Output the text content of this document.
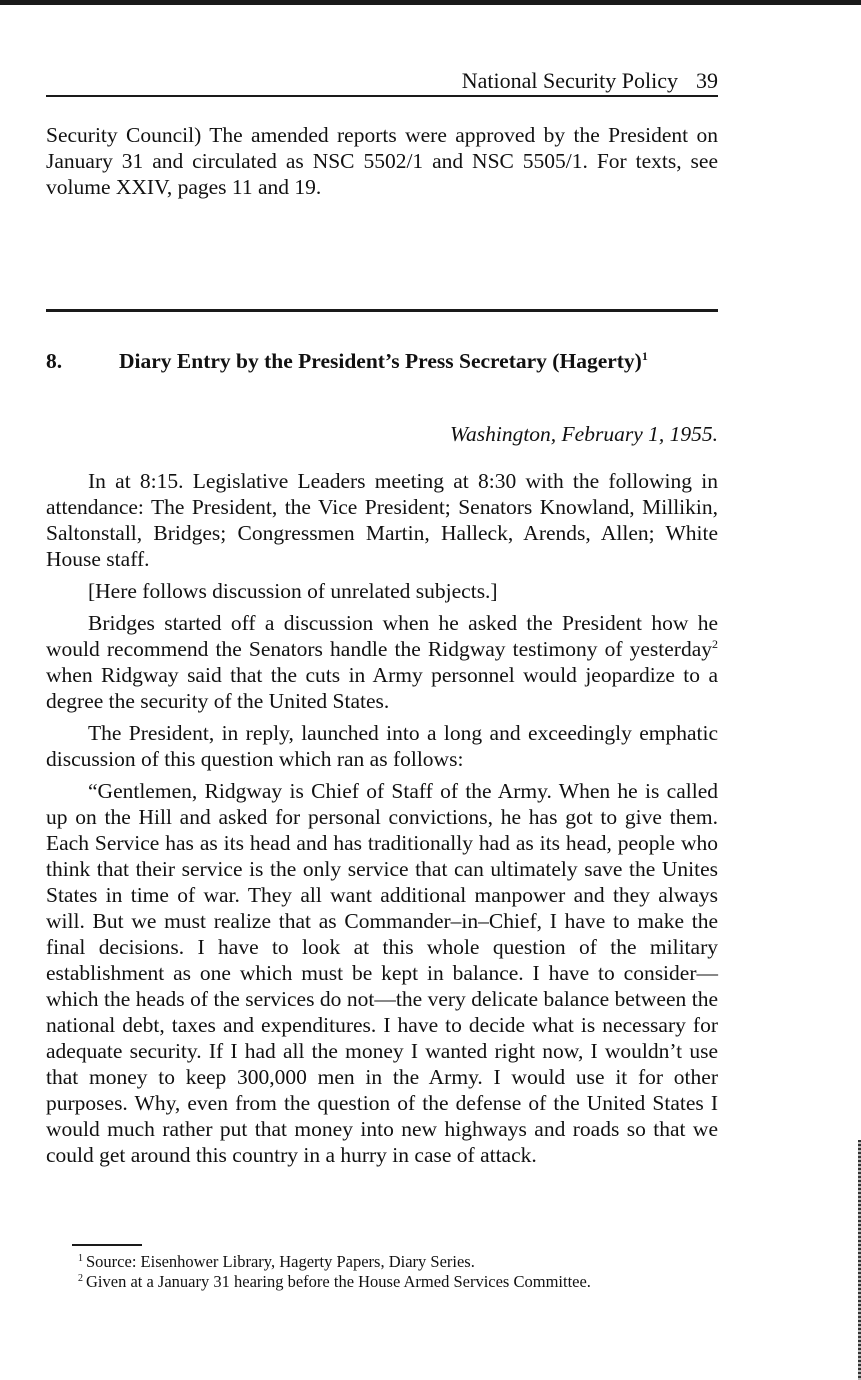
National Security Policy 39
Security Council) The amended reports were approved by the President on January 31 and circulated as NSC 5502/1 and NSC 5505/1. For texts, see volume XXIV, pages 11 and 19.
8.	Diary Entry by the President’s Press Secretary (Hagerty)$^1$
Washington, February 1, 1955.

In at 8:15. Legislative Leaders meeting at 8:30 with the following in attendance: The President, the Vice President; Senators Knowland, Millikin, Saltonstall, Bridges; Congressmen Martin, Halleck, Arends, Allen; White House staff.

[Here follows discussion of unrelated subjects.]

Bridges started off a discussion when he asked the President how he would recommend the Senators handle the Ridgway testimony of yesterday$^2$ when Ridgway said that the cuts in Army personnel would jeopardize to a degree the security of the United States.

The President, in reply, launched into a long and exceedingly emphatic discussion of this question which ran as follows:

“Gentlemen, Ridgway is Chief of Staff of the Army. When he is called up on the Hill and asked for personal convictions, he has got to give them. Each Service has as its head and has traditionally had as its head, people who think that their service is the only service that can ultimately save the Unites States in time of war. They all want additional manpower and they always will. But we must realize that as Commander–in–Chief, I have to make the final decisions. I have to look at this whole question of the military establishment as one which must be kept in balance. I have to consider—which the heads of the services do not—the very delicate balance between the national debt, taxes and expenditures. I have to decide what is necessary for adequate security. If I had all the money I wanted right now, I wouldn’t use that money to keep 300,000 men in the Army. I would use it for other purposes. Why, even from the question of the defense of the United States I would much rather put that money into new highways and roads so that we could get around this country in a hurry in case of attack.

$^1$ Source: Eisenhower Library, Hagerty Papers, Diary Series.
$^2$ Given at a January 31 hearing before the House Armed Services Committee.
